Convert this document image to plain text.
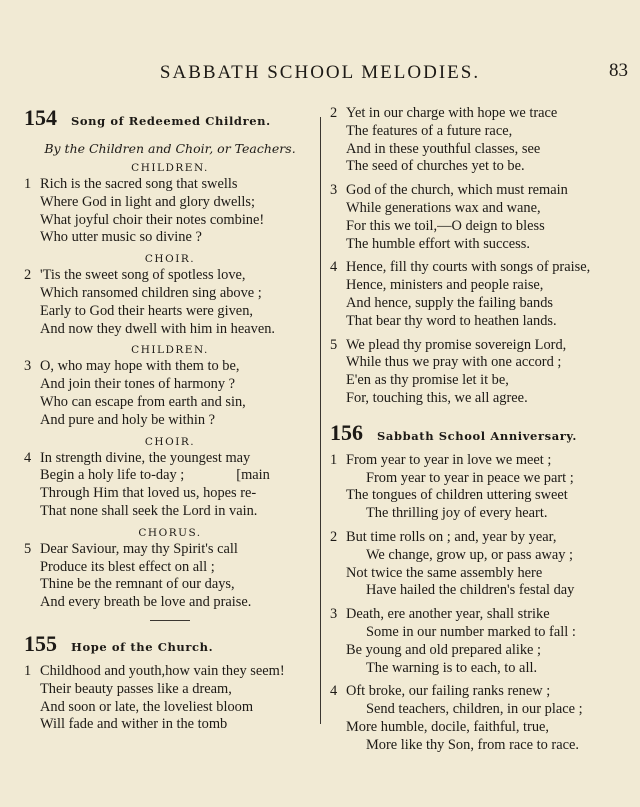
SABBATH SCHOOL MELODIES.	83
154 Song of Redeemed Children.
By the Children and Choir, or Teachers.
CHILDREN.
1 Rich is the sacred song that swells
Where God in light and glory dwells;
What joyful choir their notes combine!
Who utter music so divine ?
CHOIR.
2 'Tis the sweet song of spotless love,
Which ransomed children sing above ;
Early to God their hearts were given,
And now they dwell with him in heaven.
CHILDREN.
3 O, who may hope with them to be,
And join their tones of harmony ?
Who can escape from earth and sin,
And pure and holy be within ?
CHOIR.
4 In strength divine, the youngest may
Begin a holy life to-day ;	[main
Through Him that loved us, hopes re-
That none shall seek the Lord in vain.
CHORUS.
5 Dear Saviour, may thy Spirit's call
Produce its blest effect on all ;
Thine be the remnant of our days,
And every breath be love and praise.
155 Hope of the Church.
1 Childhood and youth,how vain they seem!
Their beauty passes like a dream,
And soon or late, the loveliest bloom
Will fade and wither in the tomb
2 Yet in our charge with hope we trace
The features of a future race,
And in these youthful classes, see
The seed of churches yet to be.
3 God of the church, which must remain
While generations wax and wane,
For this we toil,—O deign to bless
The humble effort with success.
4 Hence, fill thy courts with songs of praise,
Hence, ministers and people raise,
And hence, supply the failing bands
That bear thy word to heathen lands.
5 We plead thy promise sovereign Lord,
While thus we pray with one accord ;
E'en as thy promise let it be,
For, touching this, we all agree.
156 Sabbath School Anniversary.
1 From year to year in love we meet ;
From year to year in peace we part ;
The tongues of children uttering sweet
The thrilling joy of every heart.
2 But time rolls on ; and, year by year,
We change, grow up, or pass away ;
Not twice the same assembly here
Have hailed the children's festal day
3 Death, ere another year, shall strike
Some in our number marked to fall :
Be young and old prepared alike ;
The warning is to each, to all.
4 Oft broke, our failing ranks renew ;
Send teachers, children, in our place ;
More humble, docile, faithful, true,
More like thy Son, from race to race.
